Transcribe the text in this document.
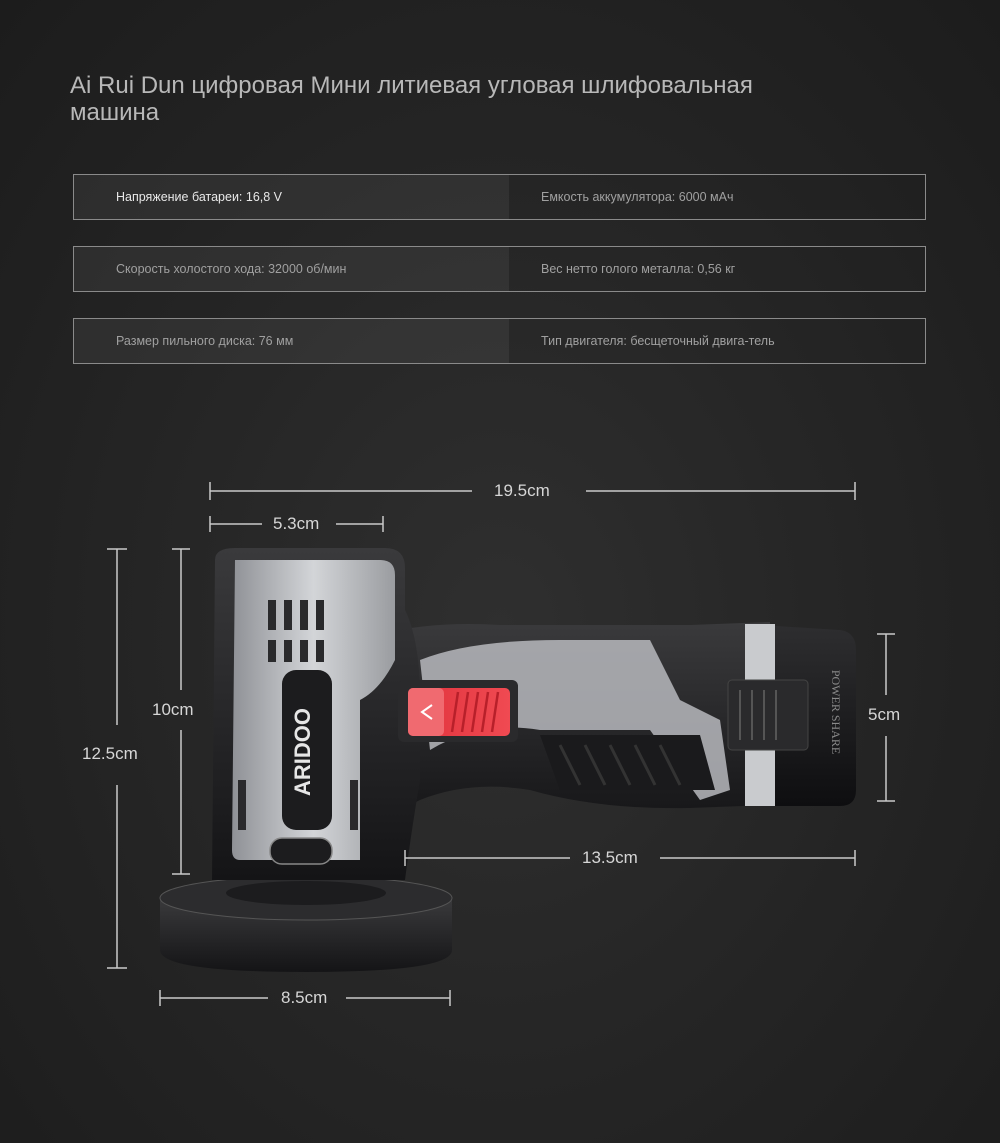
Ai Rui Dun цифровая Мини литиевая угловая шлифовальная машина
Напряжение батареи: 16,8 V	Емкость аккумулятора: 6000 мАч
Скорость холостого хода: 32000 об/мин	Вес нетто голого металла: 0,56 кг
Размер пильного диска: 76 мм	Тип двигателя: бесщеточный двига-тель
POWER SHARE
ARIDOO
19.5cm
5.3cm
10cm
12.5cm
5cm
13.5cm
8.5cm
